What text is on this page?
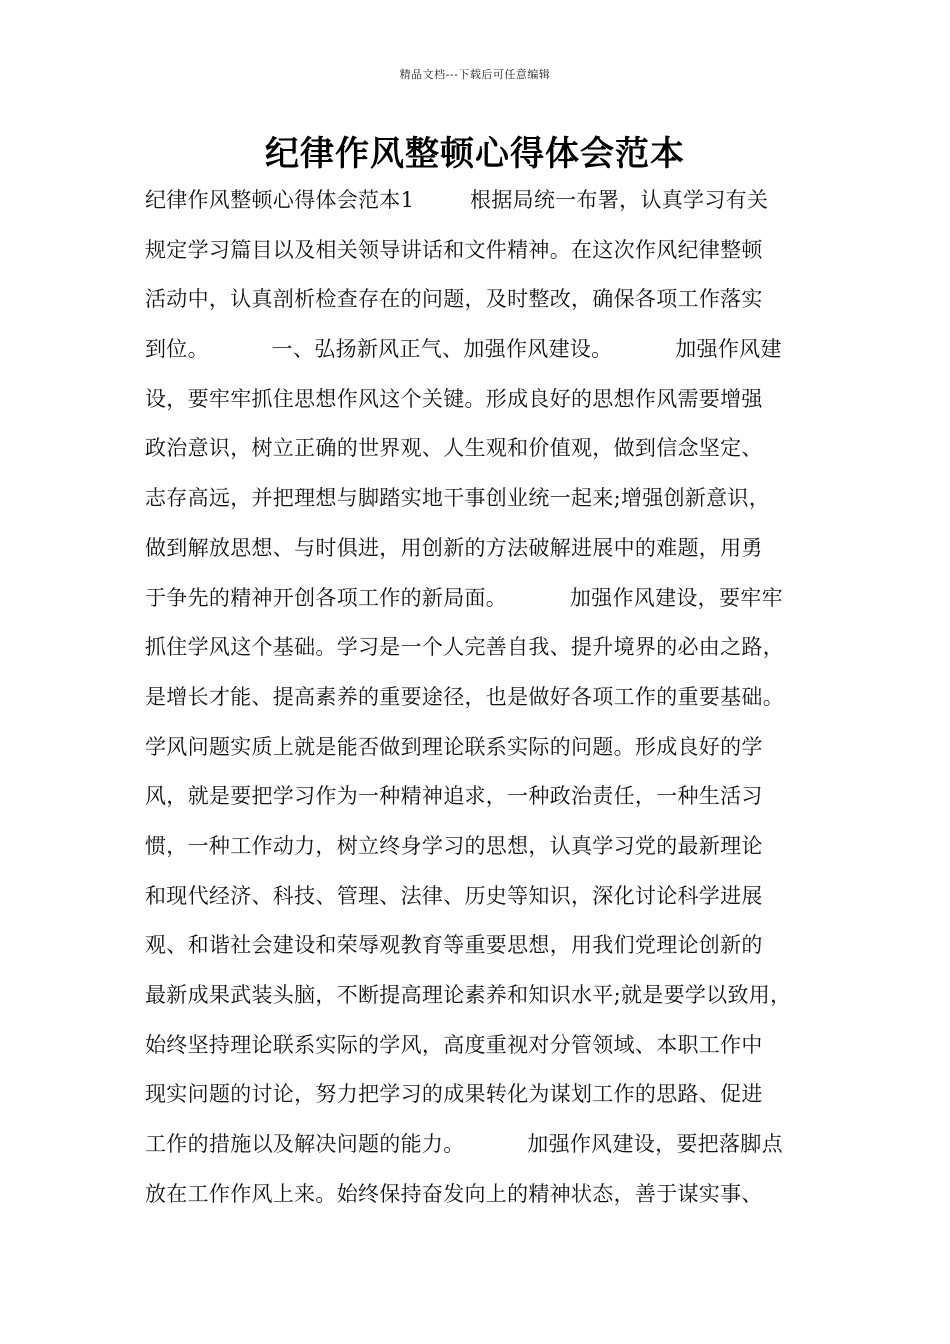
精品文档---下载后可任意编辑
纪律作风整顿心得体会范本
纪律作风整顿心得体会范本1        根据局统一布署，认真学习有关
规定学习篇目以及相关领导讲话和文件精神。在这次作风纪律整顿
活动中，认真剖析检查存在的问题，及时整改，确保各项工作落实
到位。         一、弘扬新风正气、加强作风建设。         加强作风建
设，要牢牢抓住思想作风这个关键。形成良好的思想作风需要增强
政治意识，树立正确的世界观、人生观和价值观，做到信念坚定、
志存高远，并把理想与脚踏实地干事创业统一起来;增强创新意识，
做到解放思想、与时俱进，用创新的方法破解进展中的难题，用勇
于争先的精神开创各项工作的新局面。         加强作风建设，要牢牢
抓住学风这个基础。学习是一个人完善自我、提升境界的必由之路，
是增长才能、提高素养的重要途径，也是做好各项工作的重要基础。
学风问题实质上就是能否做到理论联系实际的问题。形成良好的学
风，就是要把学习作为一种精神追求，一种政治责任，一种生活习
惯，一种工作动力，树立终身学习的思想，认真学习党的最新理论
和现代经济、科技、管理、法律、历史等知识，深化讨论科学进展
观、和谐社会建设和荣辱观教育等重要思想，用我们党理论创新的
最新成果武装头脑，不断提高理论素养和知识水平;就是要学以致用，
始终坚持理论联系实际的学风，高度重视对分管领域、本职工作中
现实问题的讨论，努力把学习的成果转化为谋划工作的思路、促进
工作的措施以及解决问题的能力。         加强作风建设，要把落脚点
放在工作作风上来。始终保持奋发向上的精神状态，善于谋实事、
